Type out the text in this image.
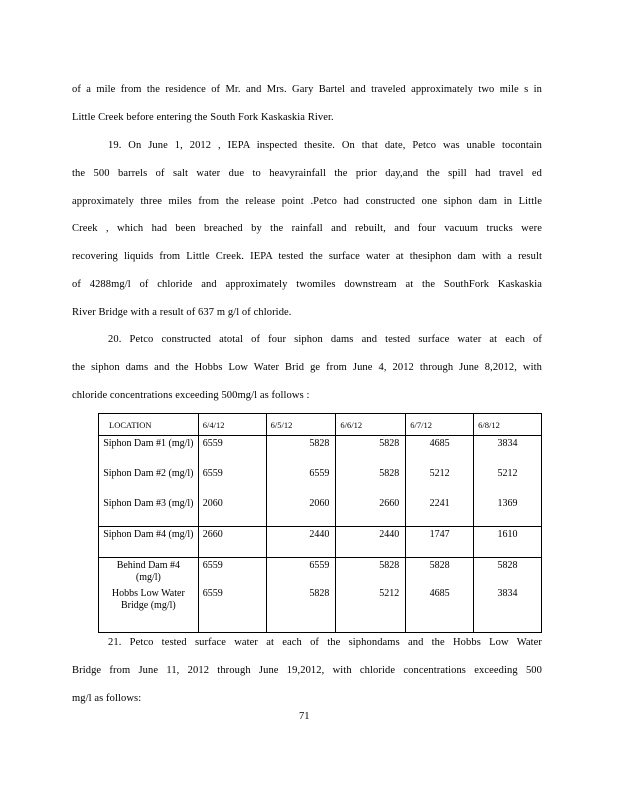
of a mile from the residence of Mr. and Mrs. Gary Bartel and traveled approximately two mile s in
Little Creek before entering the South Fork Kaskaskia River.
19. On June 1, 2012 , IEPA inspected thesite. On that date, Petco was unable tocontain
the 500 barrels of salt water due to heavyrainfall the prior day,and the spill had travel ed
approximately three miles from the release point .Petco had constructed one siphon dam in Little
Creek , which had been breached by the rainfall and rebuilt, and four vacuum trucks were
recovering liquids from Little Creek. IEPA tested the surface water at thesiphon dam with a result
of 4288mg/l of chloride and approximately twomiles downstream at the SouthFork Kaskaskia
River Bridge with a result of 637 m g/l of chloride.
20. Petco constructed atotal of four siphon dams and tested surface water at each of
the siphon dams and the Hobbs Low Water Brid ge from June 4, 2012 through June 8,2012, with
chloride concentrations exceeding 500mg/l as follows :
LOCATION	6/4/12	6/5/12	6/6/12	6/7/12	6/8/12
Siphon Dam #1 (mg/l)	6559	5828	5828	4685	3834
Siphon Dam #2 (mg/l)	6559	6559	5828	5212	5212
Siphon Dam #3 (mg/l)	2060	2060	2660	2241	1369
Siphon Dam #4 (mg/l)	2660	2440	2440	1747	1610
Behind Dam #4 (mg/l)	6559	6559	5828	5828	5828
Hobbs Low Water Bridge (mg/l)	6559	5828	5212	4685	3834
21. Petco tested surface water at each of the siphondams and the Hobbs Low Water
Bridge from June 11, 2012 through June 19,2012, with chloride concentrations exceeding 500
mg/l as follows:
71
